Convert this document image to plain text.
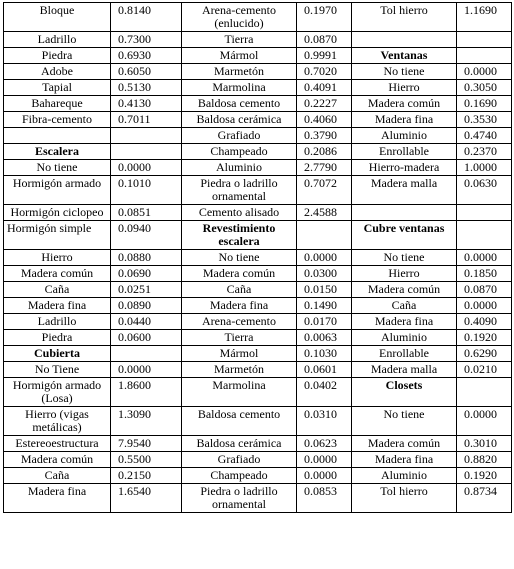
Bloque	0.8140	Arena-cemento (enlucido)	0.1970	Tol hierro	1.1690
Ladrillo	0.7300	Tierra	0.0870		
Piedra	0.6930	Mármol	0.9991	Ventanas	
Adobe	0.6050	Marmetón	0.7020	No tiene	0.0000
Tapial	0.5130	Marmolina	0.4091	Hierro	0.3050
Bahareque	0.4130	Baldosa cemento	0.2227	Madera común	0.1690
Fibra-cemento	0.7011	Baldosa cerámica	0.4060	Madera fina	0.3530
		Grafiado	0.3790	Aluminio	0.4740
Escalera		Champeado	0.2086	Enrollable	0.2370
No tiene	0.0000	Aluminio	2.7790	Hierro-madera	1.0000
Hormigón armado	0.1010	Piedra o ladrillo ornamental	0.7072	Madera malla	0.0630
Hormigón ciclopeo	0.0851	Cemento alisado	2.4588		
Hormigón simple	0.0940	Revestimiento escalera		Cubre ventanas	
Hierro	0.0880	No tiene	0.0000	No tiene	0.0000
Madera común	0.0690	Madera común	0.0300	Hierro	0.1850
Caña	0.0251	Caña	0.0150	Madera común	0.0870
Madera fina	0.0890	Madera fina	0.1490	Caña	0.0000
Ladrillo	0.0440	Arena-cemento	0.0170	Madera fina	0.4090
Piedra	0.0600	Tierra	0.0063	Aluminio	0.1920
Cubierta		Mármol	0.1030	Enrollable	0.6290
No Tiene	0.0000	Marmetón	0.0601	Madera malla	0.0210
Hormigón armado (Losa)	1.8600	Marmolina	0.0402	Closets	
Hierro (vigas metálicas)	1.3090	Baldosa cemento	0.0310	No tiene	0.0000
Estereoestructura	7.9540	Baldosa cerámica	0.0623	Madera común	0.3010
Madera común	0.5500	Grafiado	0.0000	Madera fina	0.8820
Caña	0.2150	Champeado	0.0000	Aluminio	0.1920
Madera fina	1.6540	Piedra o ladrillo ornamental	0.0853	Tol hierro	0.8734
